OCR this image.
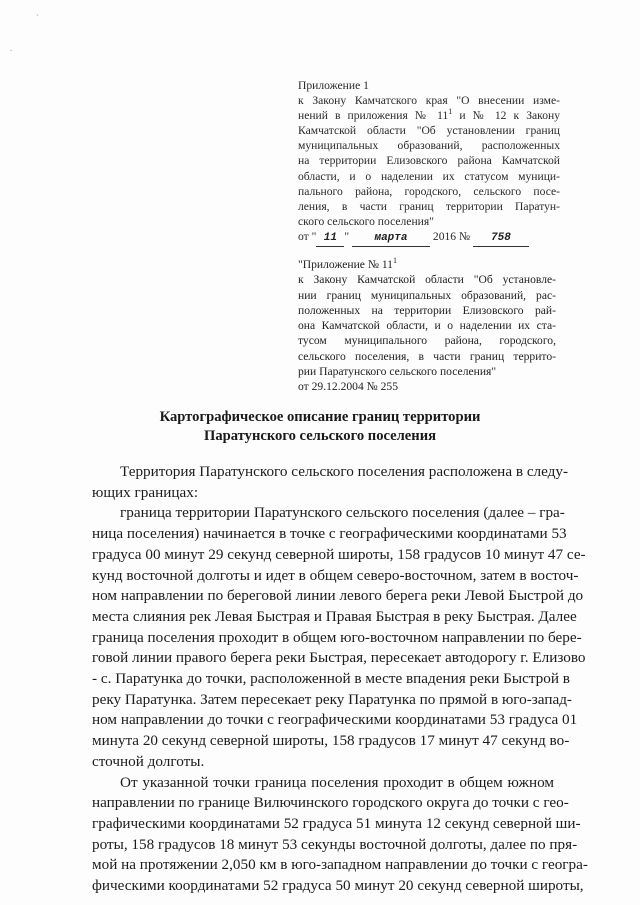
`
.
Приложение 1
к Закону Камчатского края "О внесении изме-
нений в приложения № $11^1$ и № 12 к Закону
Камчатской области "Об установлении границ
муниципальных образований, расположенных
на территории Елизовского района Камчатской
области, и о наделении их статусом муници-
пального района, городского, сельского посе-
ления, в части границ территории Паратун-
ского сельского поселения"
от " 11 " марта 2016 № 758
"Приложение № $11^1$
к Закону Камчатской области "Об установле-
нии границ муниципальных образований, рас-
положенных на территории Елизовского рай-
она Камчатской области, и о наделении их ста-
тусом муниципального района, городского,
сельского поселения, в части границ террито-
рии Паратунского сельского поселения"
от 29.12.2004 № 255
Картографическое описание границ территории
Паратунского сельского поселения
Территория Паратунского сельского поселения расположена в следу-
ющих границах:
граница территории Паратунского сельского поселения (далее – гра-
ница поселения) начинается в точке с географическими координатами 53
градуса 00 минут 29 секунд северной широты, 158 градусов 10 минут 47 се-
кунд восточной долготы и идет в общем северо-восточном, затем в восточ-
ном направлении по береговой линии левого берега реки Левой Быстрой до
места слияния рек Левая Быстрая и Правая Быстрая в реку Быстрая. Далее
граница поселения проходит в общем юго-восточном направлении по бере-
говой линии правого берега реки Быстрая, пересекает автодорогу г. Елизово
- с. Паратунка до точки, расположенной в месте впадения реки Быстрой в
реку Паратунка. Затем пересекает реку Паратунка по прямой в юго-запад-
ном направлении до точки с географическими координатами 53 градуса 01
минута 20 секунд северной широты, 158 градусов 17 минут 47 секунд во-
сточной долготы.
От указанной точки граница поселения проходит в общем южном
направлении по границе Вилючинского городского округа до точки с гео-
графическими координатами 52 градуса 51 минута 12 секунд северной ши-
роты, 158 градусов 18 минут 53 секунды восточной долготы, далее по пря-
мой на протяжении 2,050 км в юго-западном направлении до точки с геогра-
фическими координатами 52 градуса 50 минут 20 секунд северной широты,
